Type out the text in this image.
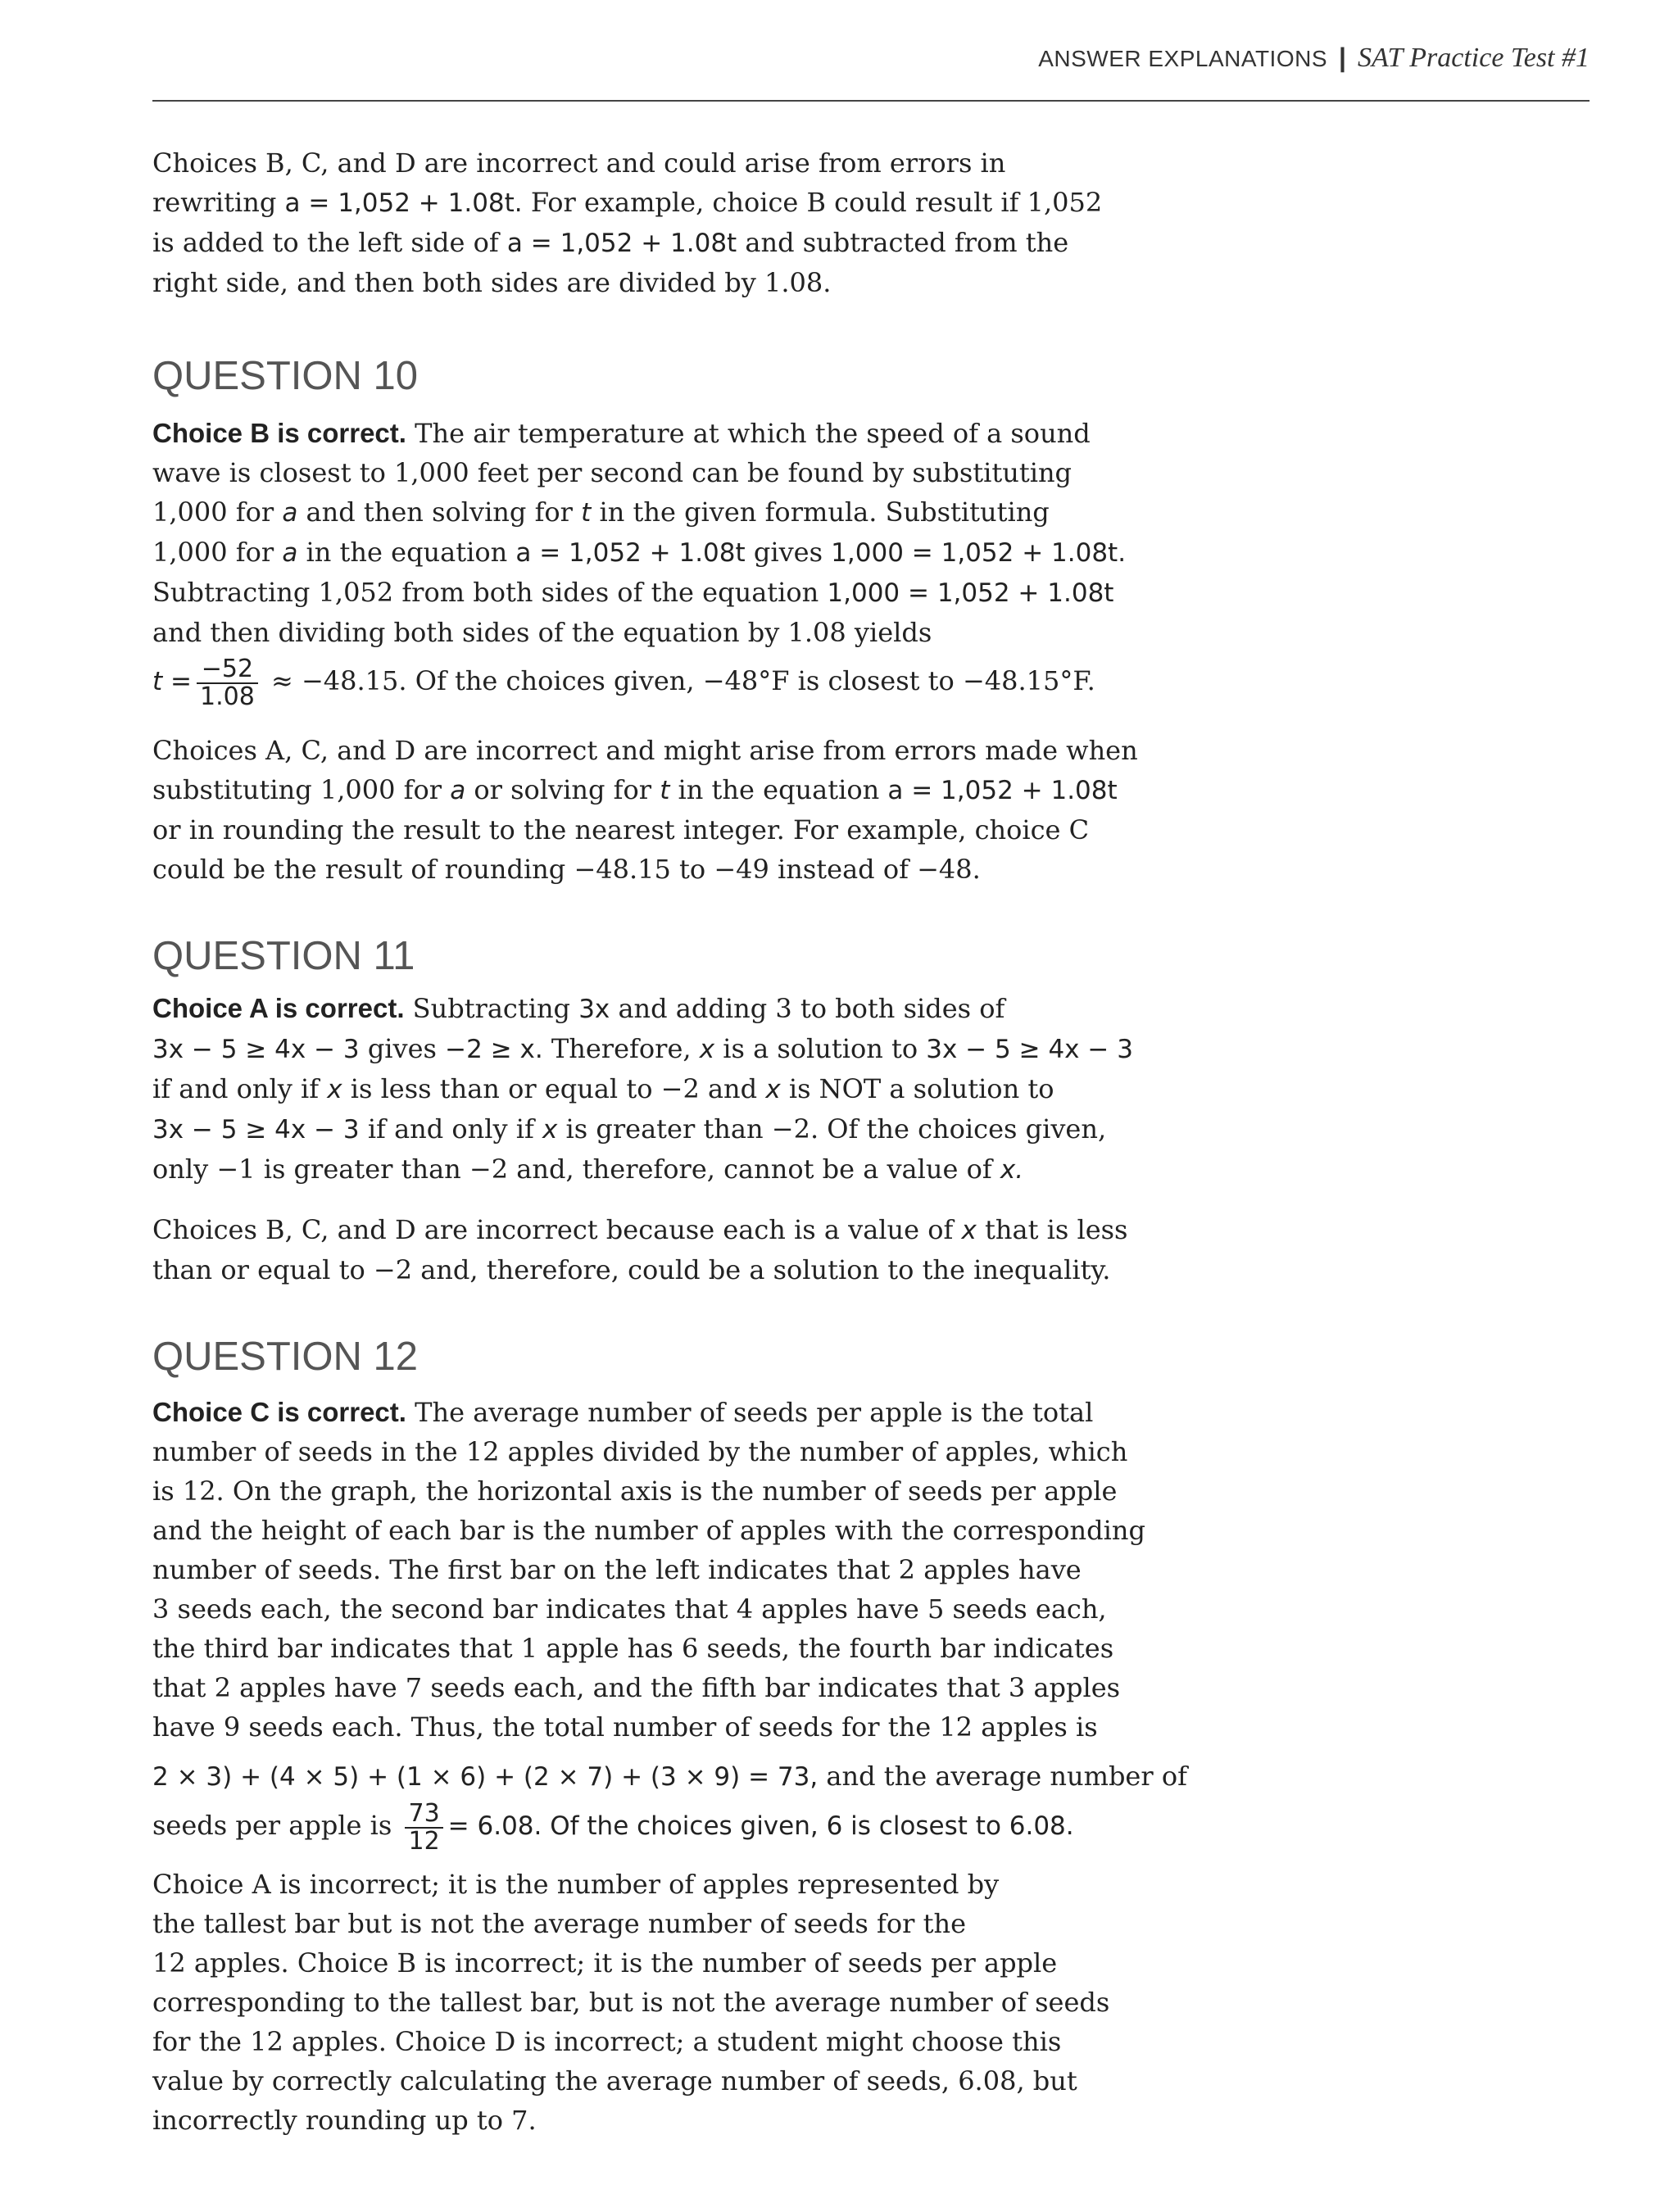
ANSWER EXPLANATIONS | SAT Practice Test #1

Choices B, C, and D are incorrect and could arise from errors in

rewriting a = 1,052 + 1.08t. For example, choice B could result if 1,052

is added to the left side of a = 1,052 + 1.08t and subtracted from the

right side, and then both sides are divided by 1.08.

QUESTION 10

Choice B is correct. The air temperature at which the speed of a sound

wave is closest to 1,000 feet per second can be found by substituting

1,000 for a and then solving for t in the given formula. Substituting

1,000 for a in the equation a = 1,052 + 1.08t gives 1,000 = 1,052 + 1.08t.

Subtracting 1,052 from both sides of the equation 1,000 = 1,052 + 1.08t

and then dividing both sides of the equation by 1.08 yields

$t = \frac{-52}{1.08} \approx -48.15$. Of the choices given, −48°F is closest to −48.15°F.

Choices A, C, and D are incorrect and might arise from errors made when

substituting 1,000 for a or solving for t in the equation a = 1,052 + 1.08t

or in rounding the result to the nearest integer. For example, choice C

could be the result of rounding −48.15 to −49 instead of −48.

QUESTION 11

Choice A is correct. Subtracting 3x and adding 3 to both sides of

3x − 5 ≥ 4x − 3 gives −2 ≥ x. Therefore, x is a solution to 3x − 5 ≥ 4x − 3

if and only if x is less than or equal to −2 and x is NOT a solution to

3x − 5 ≥ 4x − 3 if and only if x is greater than −2. Of the choices given,

only −1 is greater than −2 and, therefore, cannot be a value of x.

Choices B, C, and D are incorrect because each is a value of x that is less

than or equal to −2 and, therefore, could be a solution to the inequality.

QUESTION 12

Choice C is correct. The average number of seeds per apple is the total

number of seeds in the 12 apples divided by the number of apples, which

is 12. On the graph, the horizontal axis is the number of seeds per apple

and the height of each bar is the number of apples with the corresponding

number of seeds. The first bar on the left indicates that 2 apples have

3 seeds each, the second bar indicates that 4 apples have 5 seeds each,

the third bar indicates that 1 apple has 6 seeds, the fourth bar indicates

that 2 apples have 7 seeds each, and the fifth bar indicates that 3 apples

have 9 seeds each. Thus, the total number of seeds for the 12 apples is

2 × 3) + (4 × 5) + (1 × 6) + (2 × 7) + (3 × 9) = 73, and the average number of

seeds per apple is $\frac{73}{12} = 6.08$. Of the choices given, 6 is closest to 6.08.

Choice A is incorrect; it is the number of apples represented by

the tallest bar but is not the average number of seeds for the

12 apples. Choice B is incorrect; it is the number of seeds per apple

corresponding to the tallest bar, but is not the average number of seeds

for the 12 apples. Choice D is incorrect; a student might choose this

value by correctly calculating the average number of seeds, 6.08, but

incorrectly rounding up to 7.
